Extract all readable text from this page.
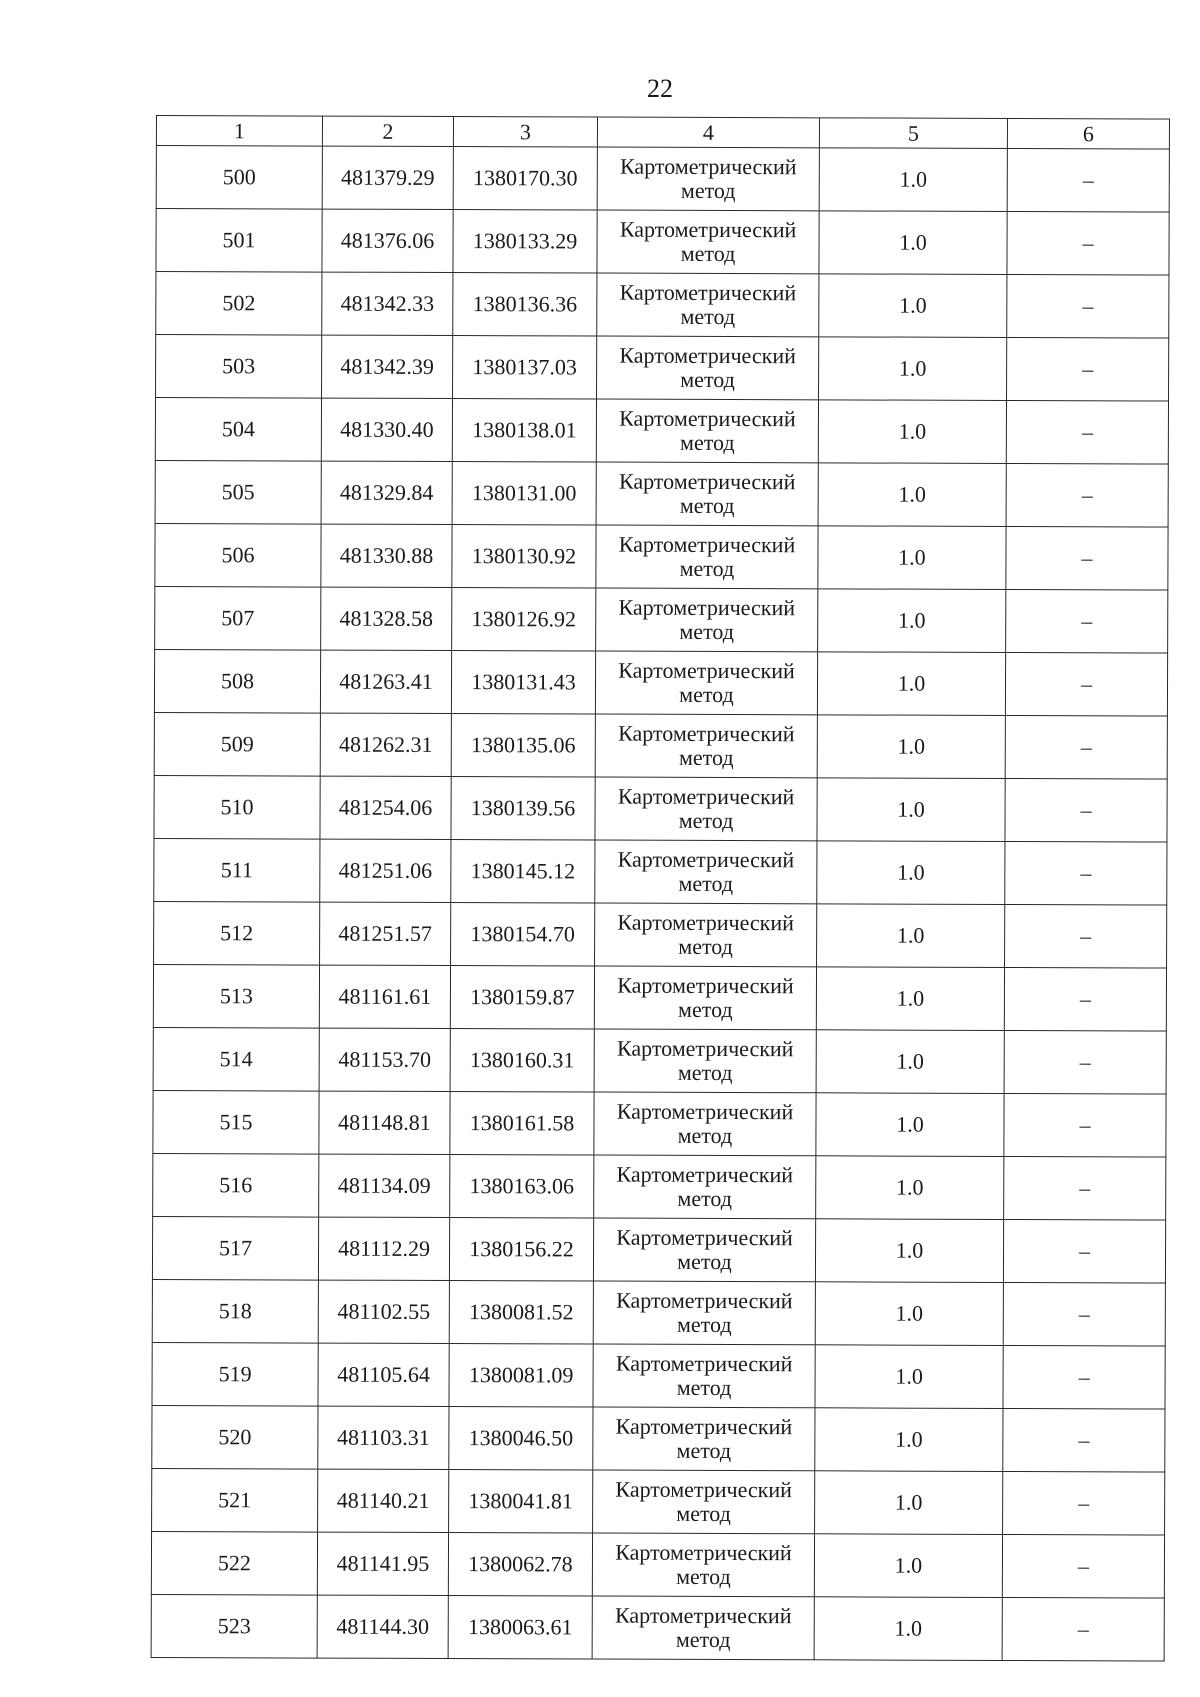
22
1	2	3	4	5	6
500	481379.29	1380170.30	Картометрический метод	1.0	–
501	481376.06	1380133.29	Картометрический метод	1.0	–
502	481342.33	1380136.36	Картометрический метод	1.0	–
503	481342.39	1380137.03	Картометрический метод	1.0	–
504	481330.40	1380138.01	Картометрический метод	1.0	–
505	481329.84	1380131.00	Картометрический метод	1.0	–
506	481330.88	1380130.92	Картометрический метод	1.0	–
507	481328.58	1380126.92	Картометрический метод	1.0	–
508	481263.41	1380131.43	Картометрический метод	1.0	–
509	481262.31	1380135.06	Картометрический метод	1.0	–
510	481254.06	1380139.56	Картометрический метод	1.0	–
511	481251.06	1380145.12	Картометрический метод	1.0	–
512	481251.57	1380154.70	Картометрический метод	1.0	–
513	481161.61	1380159.87	Картометрический метод	1.0	–
514	481153.70	1380160.31	Картометрический метод	1.0	–
515	481148.81	1380161.58	Картометрический метод	1.0	–
516	481134.09	1380163.06	Картометрический метод	1.0	–
517	481112.29	1380156.22	Картометрический метод	1.0	–
518	481102.55	1380081.52	Картометрический метод	1.0	–
519	481105.64	1380081.09	Картометрический метод	1.0	–
520	481103.31	1380046.50	Картометрический метод	1.0	–
521	481140.21	1380041.81	Картометрический метод	1.0	–
522	481141.95	1380062.78	Картометрический метод	1.0	–
523	481144.30	1380063.61	Картометрический метод	1.0	–
